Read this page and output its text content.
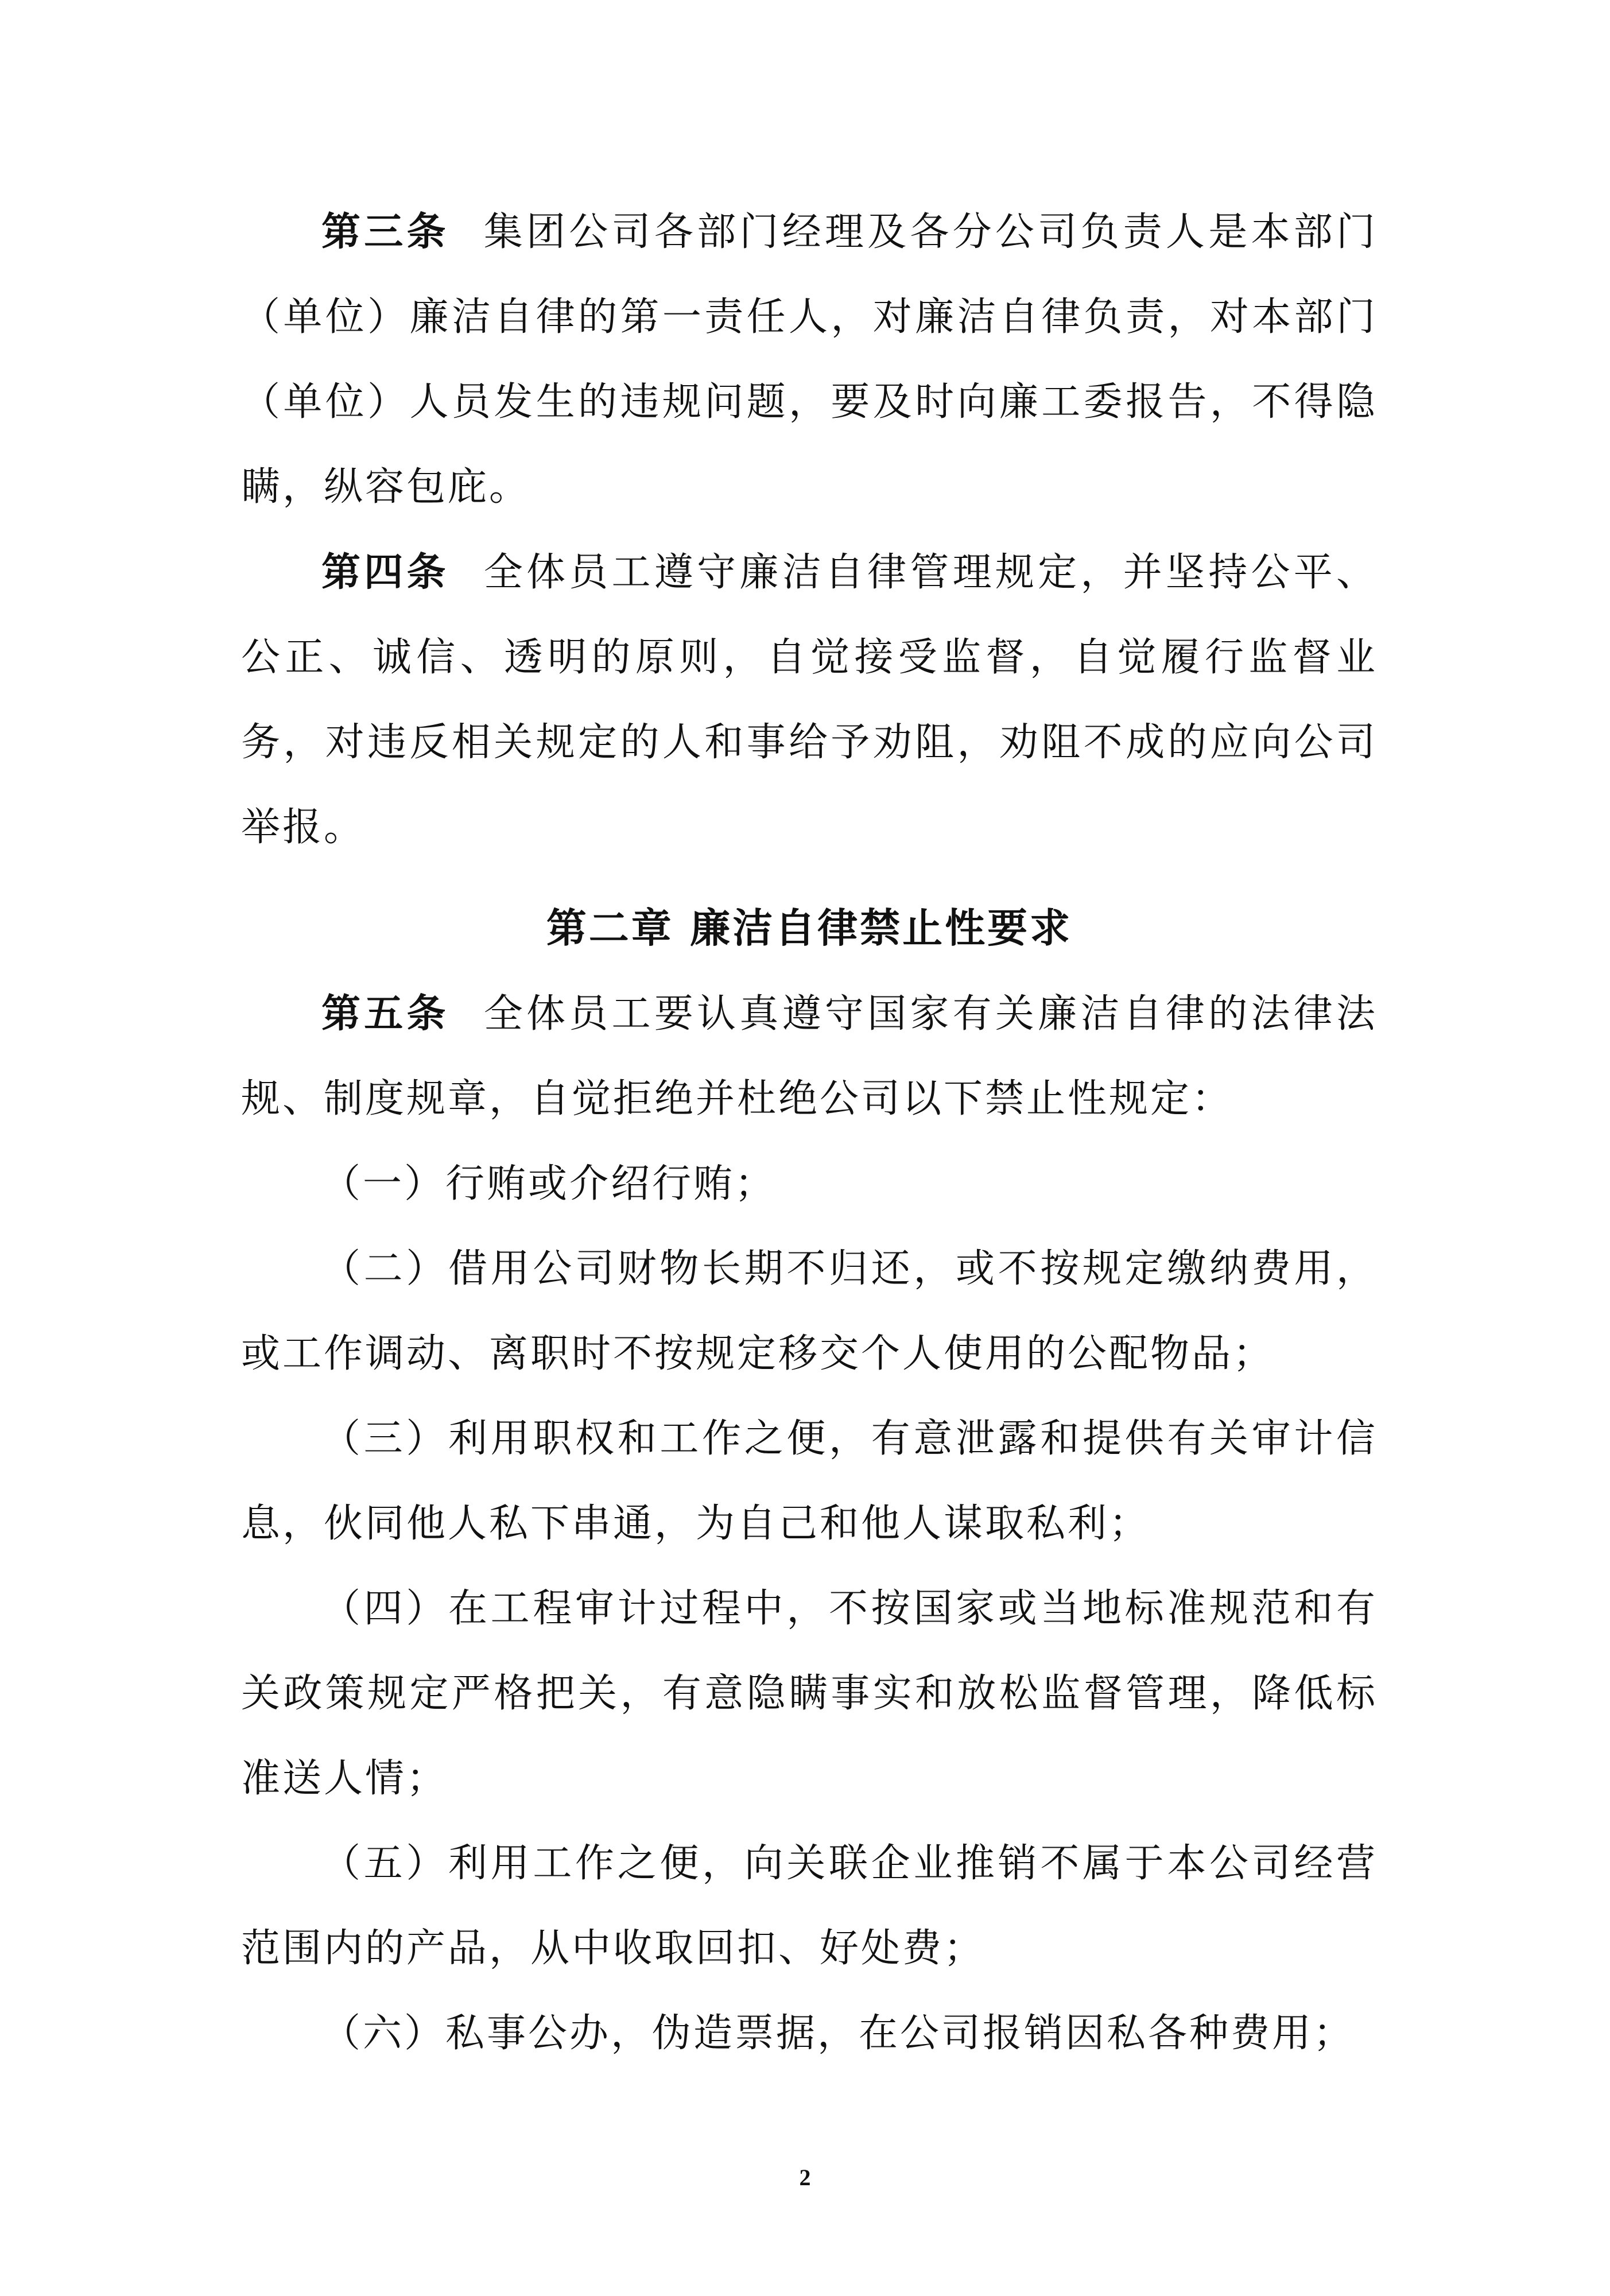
第三条 集团公司各部门经理及各分公司负责人是本部门（单位）廉洁自律的第一责任人，对廉洁自律负责，对本部门（单位）人员发生的违规问题，要及时向廉工委报告，不得隐瞒，纵容包庇。

第四条 全体员工遵守廉洁自律管理规定，并坚持公平、公正、诚信、透明的原则，自觉接受监督，自觉履行监督业务，对违反相关规定的人和事给予劝阻，劝阻不成的应向公司举报。

第二章 廉洁自律禁止性要求

第五条 全体员工要认真遵守国家有关廉洁自律的法律法规、制度规章，自觉拒绝并杜绝公司以下禁止性规定：

（一）行贿或介绍行贿；

（二）借用公司财物长期不归还，或不按规定缴纳费用，或工作调动、离职时不按规定移交个人使用的公配物品；

（三）利用职权和工作之便，有意泄露和提供有关审计信息，伙同他人私下串通，为自己和他人谋取私利；

（四）在工程审计过程中，不按国家或当地标准规范和有关政策规定严格把关，有意隐瞒事实和放松监督管理，降低标准送人情；

（五）利用工作之便，向关联企业推销不属于本公司经营范围内的产品，从中收取回扣、好处费；

（六）私事公办，伪造票据，在公司报销因私各种费用；

2
